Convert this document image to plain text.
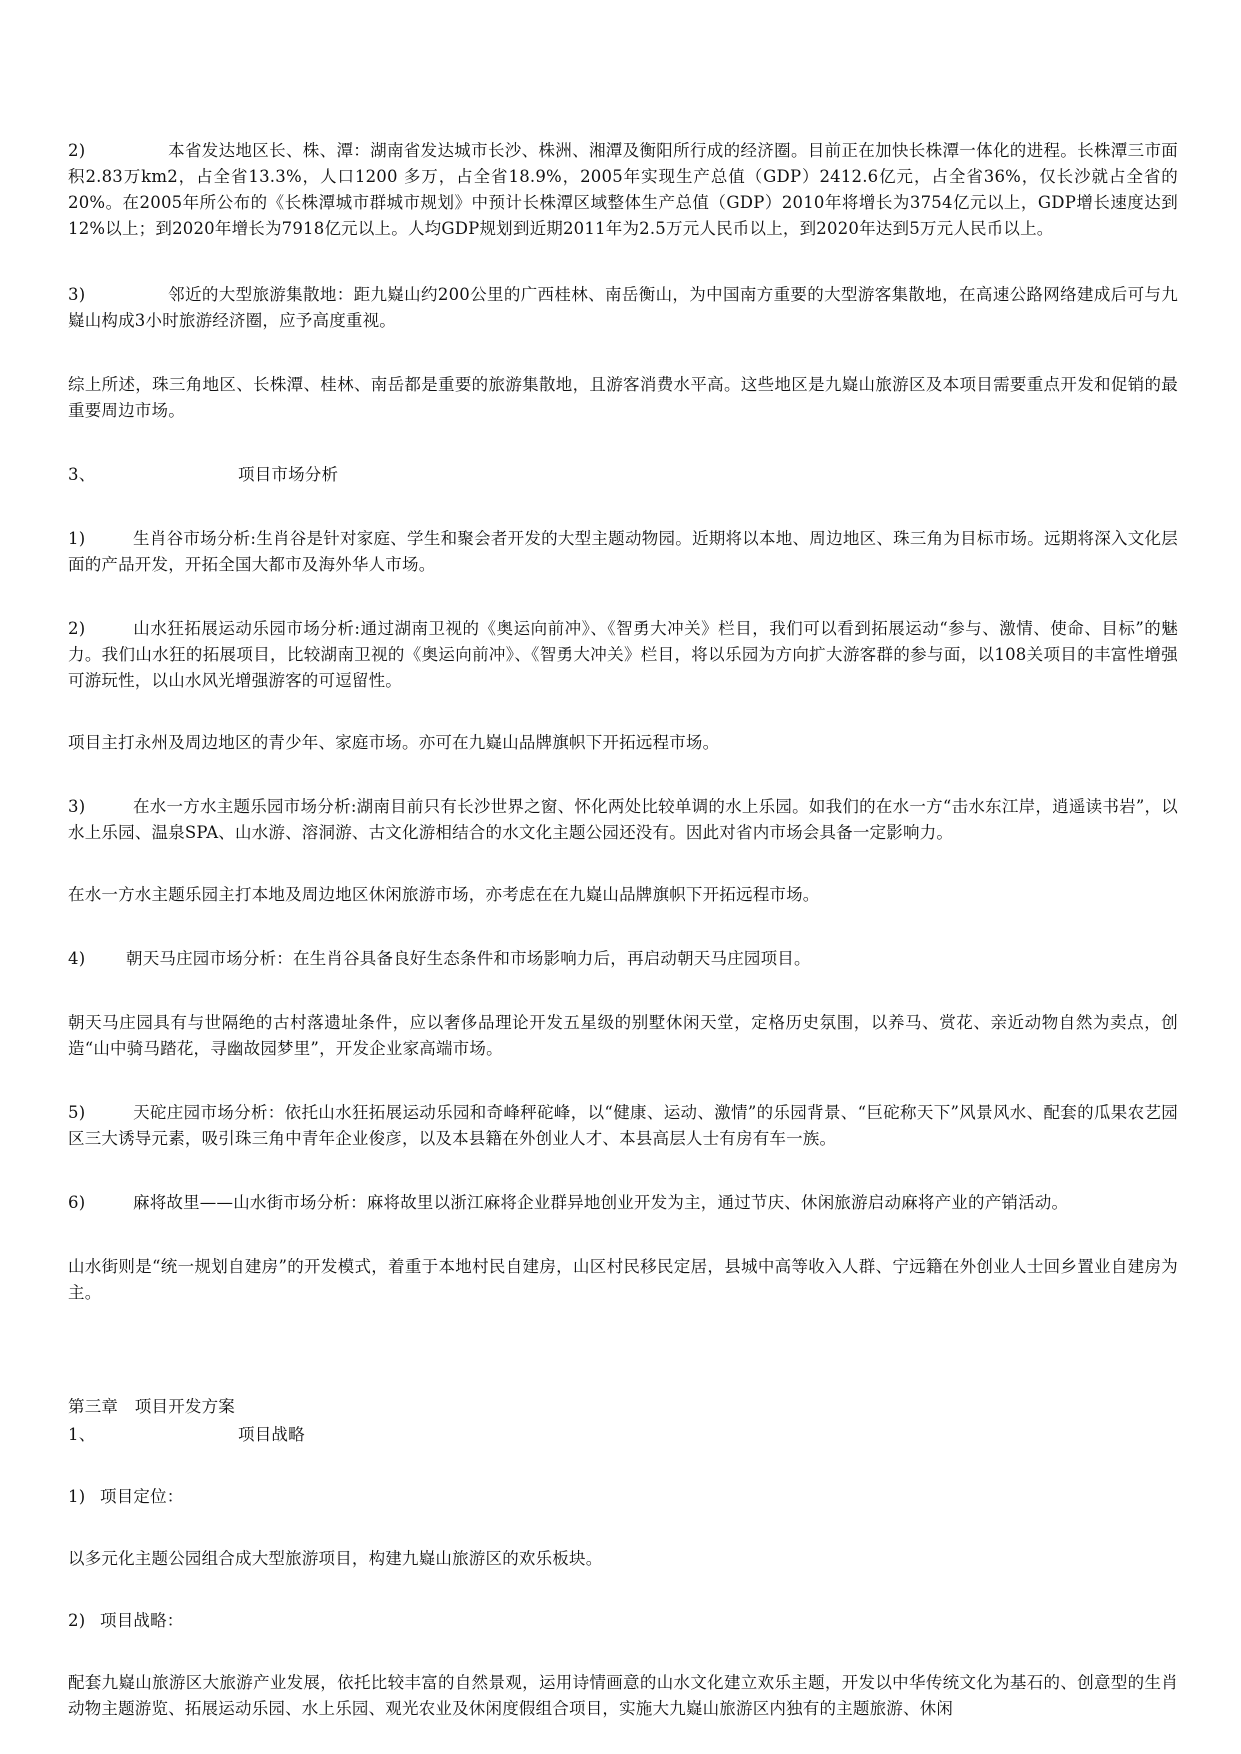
2)	本省发达地区长、株、潭：湖南省发达城市长沙、株洲、湘潭及衡阳所行成的经济圈。目前正在加快长株潭一体化的进程。长株潭三市面积2.83万km2，占全省13.3%，人口1200 多万，占全省18.9%，2005年实现生产总值（GDP）2412.6亿元，占全省36%，仅长沙就占全省的20%。在2005年所公布的《长株潭城市群城市规划》中预计长株潭区域整体生产总值（GDP）2010年将增长为3754亿元以上，GDP增长速度达到12%以上；到2020年增长为7918亿元以上。人均GDP规划到近期2011年为2.5万元人民币以上，到2020年达到5万元人民币以上。

3)	邻近的大型旅游集散地：距九嶷山约200公里的广西桂林、南岳衡山，为中国南方重要的大型游客集散地，在高速公路网络建成后可与九嶷山构成3小时旅游经济圈，应予高度重视。

综上所述，珠三角地区、长株潭、桂林、南岳都是重要的旅游集散地，且游客消费水平高。这些地区是九嶷山旅游区及本项目需要重点开发和促销的最重要周边市场。

3、	项目市场分析

1)	生肖谷市场分析:生肖谷是针对家庭、学生和聚会者开发的大型主题动物园。近期将以本地、周边地区、珠三角为目标市场。远期将深入文化层面的产品开发，开拓全国大都市及海外华人市场。

2)	山水狂拓展运动乐园市场分析:通过湖南卫视的《奥运向前冲》、《智勇大冲关》栏目，我们可以看到拓展运动“参与、激情、使命、目标”的魅力。我们山水狂的拓展项目，比较湖南卫视的《奥运向前冲》、《智勇大冲关》栏目，将以乐园为方向扩大游客群的参与面，以108关项目的丰富性增强可游玩性，以山水风光增强游客的可逗留性。

项目主打永州及周边地区的青少年、家庭市场。亦可在九嶷山品牌旗帜下开拓远程市场。

3)	在水一方水主题乐园市场分析:湖南目前只有长沙世界之窗、怀化两处比较单调的水上乐园。如我们的在水一方“击水东江岸，逍遥读书岩”，以水上乐园、温泉SPA、山水游、溶洞游、古文化游相结合的水文化主题公园还没有。因此对省内市场会具备一定影响力。

在水一方水主题乐园主打本地及周边地区休闲旅游市场，亦考虑在在九嶷山品牌旗帜下开拓远程市场。

4) 朝天马庄园市场分析：在生肖谷具备良好生态条件和市场影响力后，再启动朝天马庄园项目。

朝天马庄园具有与世隔绝的古村落遗址条件，应以奢侈品理论开发五星级的别墅休闲天堂，定格历史氛围，以养马、赏花、亲近动物自然为卖点，创造“山中骑马踏花，寻幽故园梦里”，开发企业家高端市场。

5)	天砣庄园市场分析：依托山水狂拓展运动乐园和奇峰秤砣峰，以“健康、运动、激情”的乐园背景、“巨砣称天下”风景风水、配套的瓜果农艺园区三大诱导元素，吸引珠三角中青年企业俊彦，以及本县籍在外创业人才、本县高层人士有房有车一族。

6)	麻将故里——山水街市场分析：麻将故里以浙江麻将企业群异地创业开发为主，通过节庆、休闲旅游启动麻将产业的产销活动。

山水街则是“统一规划自建房”的开发模式，着重于本地村民自建房，山区村民移民定居，县城中高等收入人群、宁远籍在外创业人士回乡置业自建房为主。

第三章　项目开发方案

1、	项目战略

1) 项目定位：

以多元化主题公园组合成大型旅游项目，构建九嶷山旅游区的欢乐板块。

2) 项目战略：

配套九嶷山旅游区大旅游产业发展，依托比较丰富的自然景观，运用诗情画意的山水文化建立欢乐主题，开发以中华传统文化为基石的、创意型的生肖动物主题游览、拓展运动乐园、水上乐园、观光农业及休闲度假组合项目，实施大九嶷山旅游区内独有的主题旅游、休闲
